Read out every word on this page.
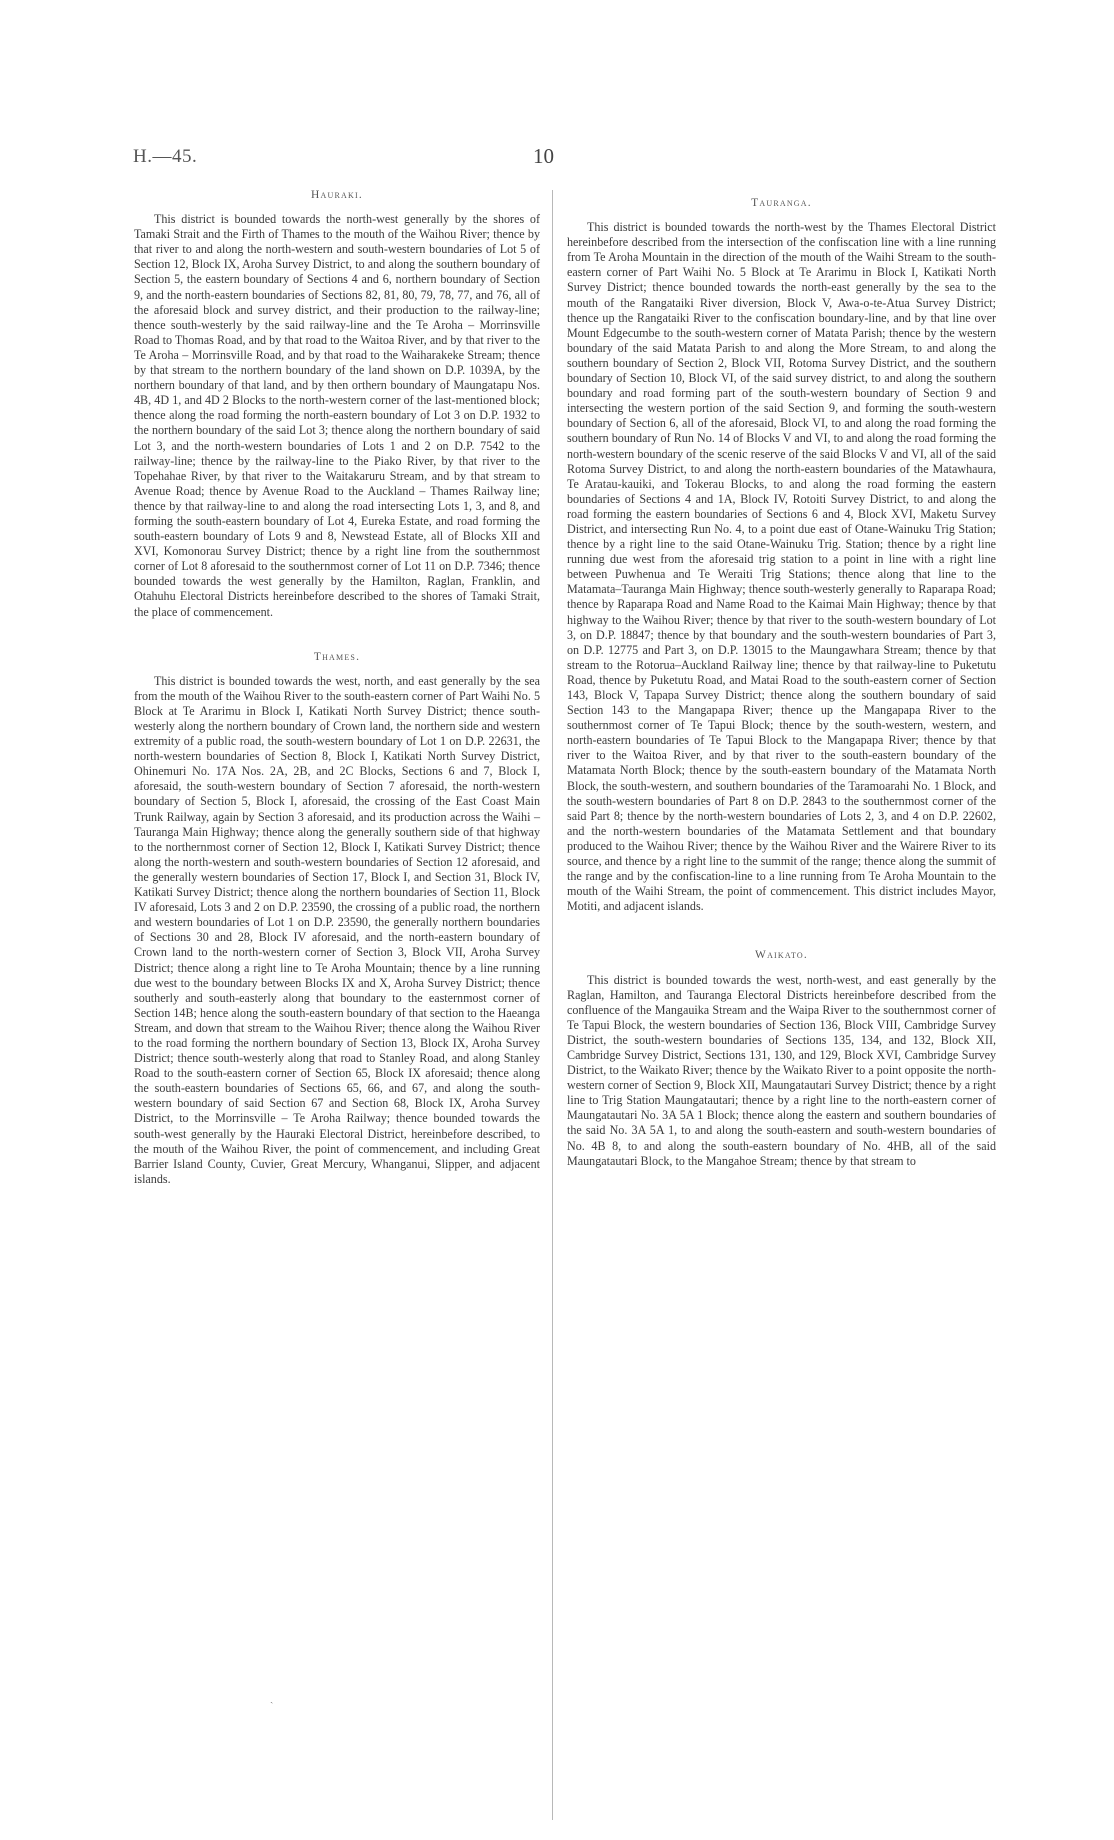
H.—45.	10
Hauraki.

This district is bounded towards the north-west generally by the shores of Tamaki Strait and the Firth of Thames to the mouth of the Waihou River; thence by that river to and along the north-western and south-western boundaries of Lot 5 of Section 12, Block IX, Aroha Survey District, to and along the southern boundary of Section 5, the eastern boundary of Sections 4 and 6, northern boundary of Section 9, and the north-eastern boundaries of Sections 82, 81, 80, 79, 78, 77, and 76, all of the aforesaid block and survey district, and their production to the railway-line; thence south-westerly by the said railway-line and the Te Aroha – Morrinsville Road to Thomas Road, and by that road to the Waitoa River, and by that river to the Te Aroha – Morrinsville Road, and by that road to the Waiharakeke Stream; thence by that stream to the northern boundary of the land shown on D.P. 1039A, by the northern boundary of that land, and by then orthern boundary of Maungatapu Nos. 4B, 4D 1, and 4D 2 Blocks to the north-western corner of the last-mentioned block; thence along the road forming the north-eastern boundary of Lot 3 on D.P. 1932 to the northern boundary of the said Lot 3; thence along the northern boundary of said Lot 3, and the north-western boundaries of Lots 1 and 2 on D.P. 7542 to the railway-line; thence by the railway-line to the Piako River, by that river to the Topehahae River, by that river to the Waitakaruru Stream, and by that stream to Avenue Road; thence by Avenue Road to the Auckland – Thames Railway line; thence by that railway-line to and along the road intersecting Lots 1, 3, and 8, and forming the south-eastern boundary of Lot 4, Eureka Estate, and road forming the south-eastern boundary of Lots 9 and 8, Newstead Estate, all of Blocks XII and XVI, Komonorau Survey District; thence by a right line from the southernmost corner of Lot 8 aforesaid to the southernmost corner of Lot 11 on D.P. 7346; thence bounded towards the west generally by the Hamilton, Raglan, Franklin, and Otahuhu Electoral Districts hereinbefore described to the shores of Tamaki Strait, the place of commencement.

Thames.

This district is bounded towards the west, north, and east generally by the sea from the mouth of the Waihou River to the south-eastern corner of Part Waihi No. 5 Block at Te Ararimu in Block I, Katikati North Survey District; thence south-westerly along the northern boundary of Crown land, the northern side and western extremity of a public road, the south-western boundary of Lot 1 on D.P. 22631, the north-western boundaries of Section 8, Block I, Katikati North Survey District, Ohinemuri No. 17A Nos. 2A, 2B, and 2C Blocks, Sections 6 and 7, Block I, aforesaid, the south-western boundary of Section 7 aforesaid, the north-western boundary of Section 5, Block I, aforesaid, the crossing of the East Coast Main Trunk Railway, again by Section 3 aforesaid, and its production across the Waihi – Tauranga Main Highway; thence along the generally southern side of that highway to the northernmost corner of Section 12, Block I, Katikati Survey District; thence along the north-western and south-western boundaries of Section 12 aforesaid, and the generally western boundaries of Section 17, Block I, and Section 31, Block IV, Katikati Survey District; thence along the northern boundaries of Section 11, Block IV aforesaid, Lots 3 and 2 on D.P. 23590, the crossing of a public road, the northern and western boundaries of Lot 1 on D.P. 23590, the generally northern boundaries of Sections 30 and 28, Block IV aforesaid, and the north-eastern boundary of Crown land to the north-western corner of Section 3, Block VII, Aroha Survey District; thence along a right line to Te Aroha Mountain; thence by a line running due west to the boundary between Blocks IX and X, Aroha Survey District; thence southerly and south-easterly along that boundary to the easternmost corner of Section 14B; hence along the south-eastern boundary of that section to the Haeanga Stream, and down that stream to the Waihou River; thence along the Waihou River to the road forming the northern boundary of Section 13, Block IX, Aroha Survey District; thence south-westerly along that road to Stanley Road, and along Stanley Road to the south-eastern corner of Section 65, Block IX aforesaid; thence along the south-eastern boundaries of Sections 65, 66, and 67, and along the south-western boundary of said Section 67 and Section 68, Block IX, Aroha Survey District, to the Morrinsville – Te Aroha Railway; thence bounded towards the south-west generally by the Hauraki Electoral District, hereinbefore described, to the mouth of the Waihou River, the point of commencement, and including Great Barrier Island County, Cuvier, Great Mercury, Whanganui, Slipper, and adjacent islands.

Tauranga.

This district is bounded towards the north-west by the Thames Electoral District hereinbefore described from the intersection of the confiscation line with a line running from Te Aroha Mountain in the direction of the mouth of the Waihi Stream to the south-eastern corner of Part Waihi No. 5 Block at Te Ararimu in Block I, Katikati North Survey District; thence bounded towards the north-east generally by the sea to the mouth of the Rangataiki River diversion, Block V, Awa-o-te-Atua Survey District; thence up the Rangataiki River to the confiscation boundary-line, and by that line over Mount Edgecumbe to the south-western corner of Matata Parish; thence by the western boundary of the said Matata Parish to and along the More Stream, to and along the southern boundary of Section 2, Block VII, Rotoma Survey District, and the southern boundary of Section 10, Block VI, of the said survey district, to and along the southern boundary and road forming part of the south-western boundary of Section 9 and intersecting the western portion of the said Section 9, and forming the south-western boundary of Section 6, all of the aforesaid, Block VI, to and along the road forming the southern boundary of Run No. 14 of Blocks V and VI, to and along the road forming the north-western boundary of the scenic reserve of the said Blocks V and VI, all of the said Rotoma Survey District, to and along the north-eastern boundaries of the Matawhaura, Te Aratau-kauiki, and Tokerau Blocks, to and along the road forming the eastern boundaries of Sections 4 and 1A, Block IV, Rotoiti Survey District, to and along the road forming the eastern boundaries of Sections 6 and 4, Block XVI, Maketu Survey District, and intersecting Run No. 4, to a point due east of Otane-Wainuku Trig Station; thence by a right line to the said Otane-Wainuku Trig. Station; thence by a right line running due west from the aforesaid trig station to a point in line with a right line between Puwhenua and Te Weraiti Trig Stations; thence along that line to the Matamata–Tauranga Main Highway; thence south-westerly generally to Raparapa Road; thence by Raparapa Road and Name Road to the Kaimai Main Highway; thence by that highway to the Waihou River; thence by that river to the south-western boundary of Lot 3, on D.P. 18847; thence by that boundary and the south-western boundaries of Part 3, on D.P. 12775 and Part 3, on D.P. 13015 to the Maungawhara Stream; thence by that stream to the Rotorua–Auckland Railway line; thence by that railway-line to Puketutu Road, thence by Puketutu Road, and Matai Road to the south-eastern corner of Section 143, Block V, Tapapa Survey District; thence along the southern boundary of said Section 143 to the Mangapapa River; thence up the Mangapapa River to the southernmost corner of Te Tapui Block; thence by the south-western, western, and north-eastern boundaries of Te Tapui Block to the Mangapapa River; thence by that river to the Waitoa River, and by that river to the south-eastern boundary of the Matamata North Block; thence by the south-eastern boundary of the Matamata North Block, the south-western, and southern boundaries of the Taramoarahi No. 1 Block, and the south-western boundaries of Part 8 on D.P. 2843 to the southernmost corner of the said Part 8; thence by the north-western boundaries of Lots 2, 3, and 4 on D.P. 22602, and the north-western boundaries of the Matamata Settlement and that boundary produced to the Waihou River; thence by the Waihou River and the Wairere River to its source, and thence by a right line to the summit of the range; thence along the summit of the range and by the confiscation-line to a line running from Te Aroha Mountain to the mouth of the Waihi Stream, the point of commencement. This district includes Mayor, Motiti, and adjacent islands.

Waikato.

This district is bounded towards the west, north-west, and east generally by the Raglan, Hamilton, and Tauranga Electoral Districts hereinbefore described from the confluence of the Mangauika Stream and the Waipa River to the southernmost corner of Te Tapui Block, the western boundaries of Section 136, Block VIII, Cambridge Survey District, the south-western boundaries of Sections 135, 134, and 132, Block XII, Cambridge Survey District, Sections 131, 130, and 129, Block XVI, Cambridge Survey District, to the Waikato River; thence by the Waikato River to a point opposite the north-western corner of Section 9, Block XII, Maungatautari Survey District; thence by a right line to Trig Station Maungatautari; thence by a right line to the north-eastern corner of Maungatautari No. 3A 5A 1 Block; thence along the eastern and southern boundaries of the said No. 3A 5A 1, to and along the south-eastern and south-western boundaries of No. 4B 8, to and along the south-eastern boundary of No. 4HB, all of the said Maungatautari Block, to the Mangahoe Stream; thence by that stream to

ˎ
